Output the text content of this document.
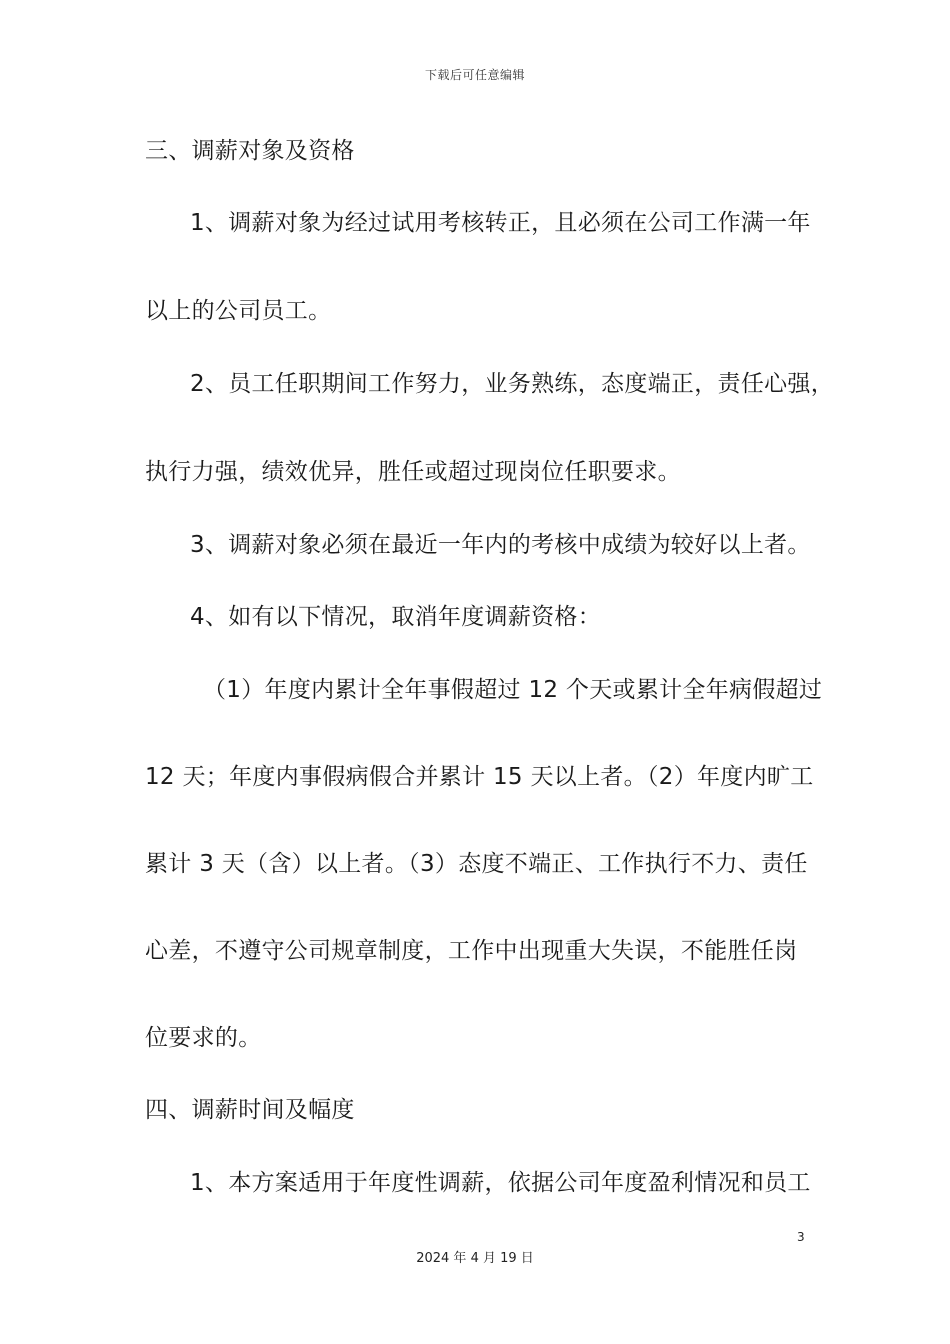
下载后可任意编辑
三、调薪对象及资格
1、调薪对象为经过试用考核转正，且必须在公司工作满一年
以上的公司员工。
2、员工任职期间工作努力，业务熟练，态度端正，责任心强，
执行力强，绩效优异，胜任或超过现岗位任职要求。
3、调薪对象必须在最近一年内的考核中成绩为较好以上者。
4、如有以下情况，取消年度调薪资格：
（1）年度内累计全年事假超过 12 个天或累计全年病假超过
12 天；年度内事假病假合并累计 15 天以上者。（2）年度内旷工
累计 3 天（含）以上者。（3）态度不端正、工作执行不力、责任
心差，不遵守公司规章制度，工作中出现重大失误，不能胜任岗
位要求的。
四、调薪时间及幅度
1、本方案适用于年度性调薪，依据公司年度盈利情况和员工
3
2024 年 4 月 19 日
